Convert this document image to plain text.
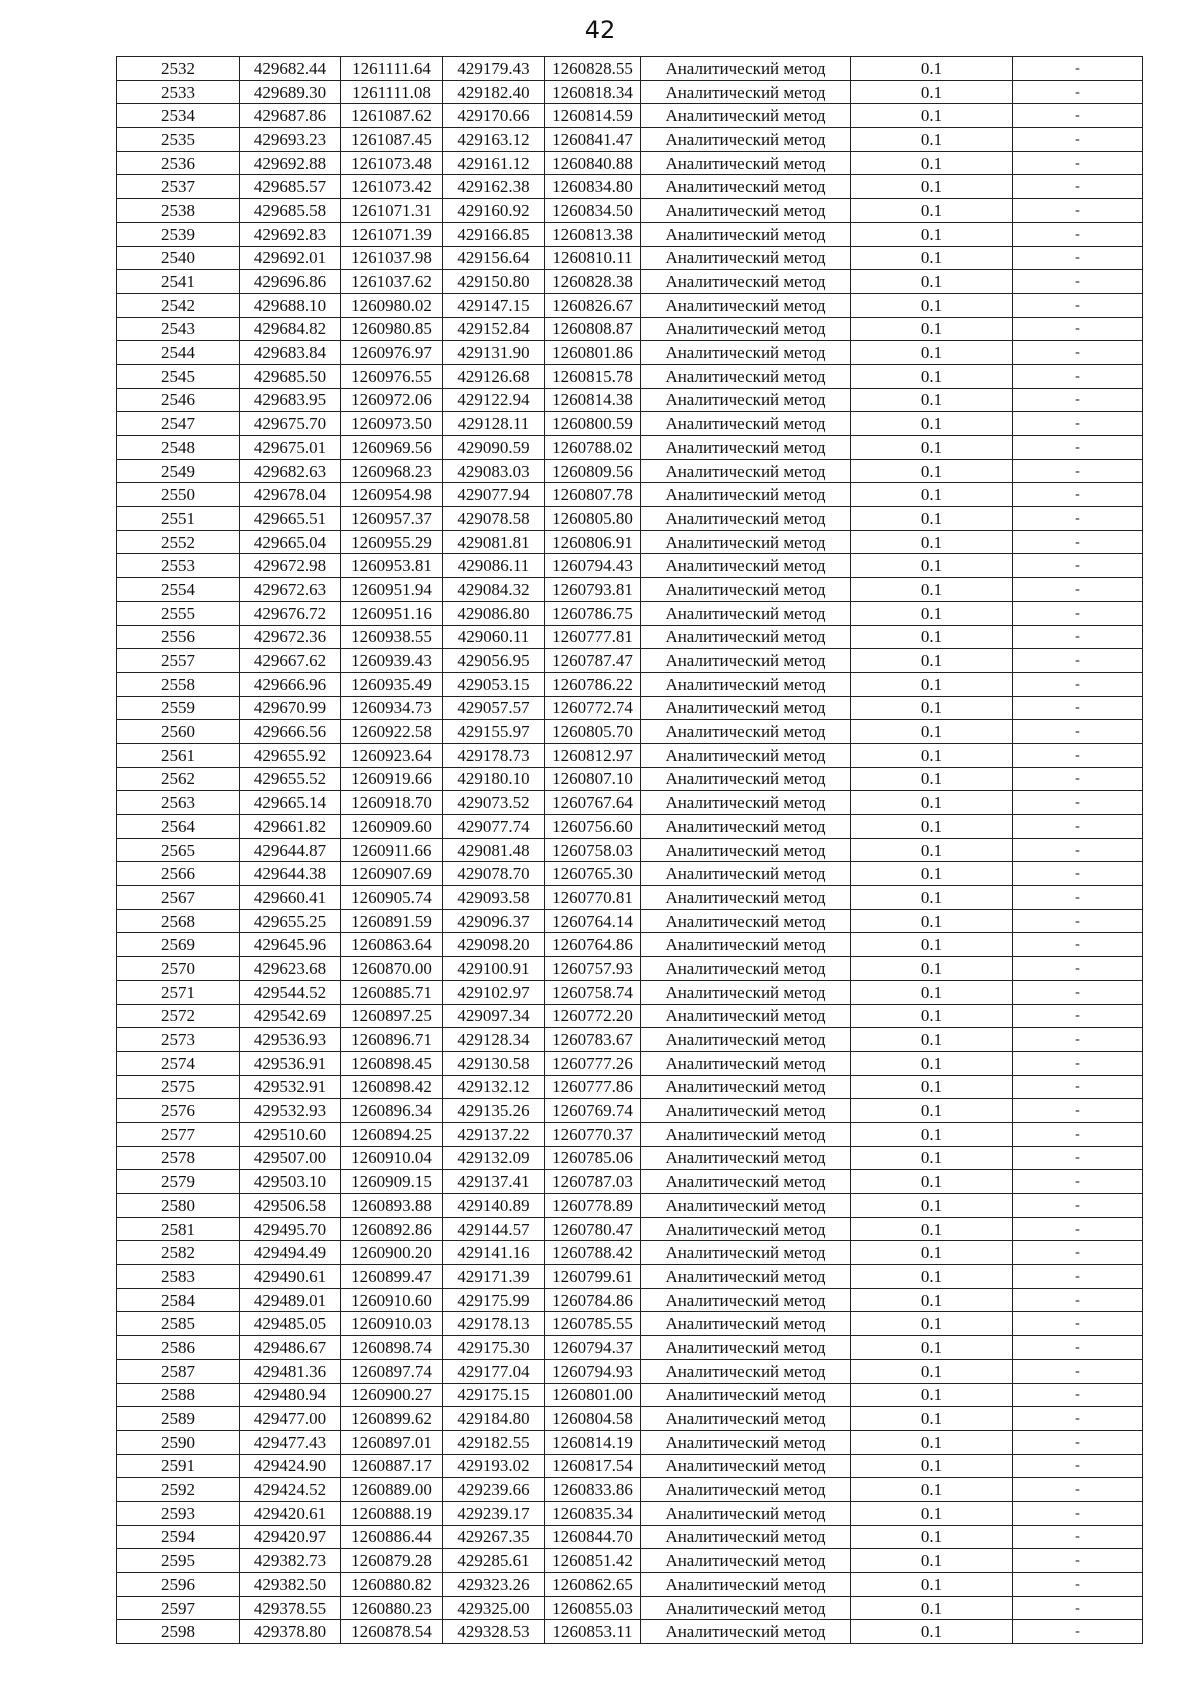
42
2532	429682.44	1261111.64	429179.43	1260828.55	Аналитический метод	0.1	-
2533	429689.30	1261111.08	429182.40	1260818.34	Аналитический метод	0.1	-
2534	429687.86	1261087.62	429170.66	1260814.59	Аналитический метод	0.1	-
2535	429693.23	1261087.45	429163.12	1260841.47	Аналитический метод	0.1	-
2536	429692.88	1261073.48	429161.12	1260840.88	Аналитический метод	0.1	-
2537	429685.57	1261073.42	429162.38	1260834.80	Аналитический метод	0.1	-
2538	429685.58	1261071.31	429160.92	1260834.50	Аналитический метод	0.1	-
2539	429692.83	1261071.39	429166.85	1260813.38	Аналитический метод	0.1	-
2540	429692.01	1261037.98	429156.64	1260810.11	Аналитический метод	0.1	-
2541	429696.86	1261037.62	429150.80	1260828.38	Аналитический метод	0.1	-
2542	429688.10	1260980.02	429147.15	1260826.67	Аналитический метод	0.1	-
2543	429684.82	1260980.85	429152.84	1260808.87	Аналитический метод	0.1	-
2544	429683.84	1260976.97	429131.90	1260801.86	Аналитический метод	0.1	-
2545	429685.50	1260976.55	429126.68	1260815.78	Аналитический метод	0.1	-
2546	429683.95	1260972.06	429122.94	1260814.38	Аналитический метод	0.1	-
2547	429675.70	1260973.50	429128.11	1260800.59	Аналитический метод	0.1	-
2548	429675.01	1260969.56	429090.59	1260788.02	Аналитический метод	0.1	-
2549	429682.63	1260968.23	429083.03	1260809.56	Аналитический метод	0.1	-
2550	429678.04	1260954.98	429077.94	1260807.78	Аналитический метод	0.1	-
2551	429665.51	1260957.37	429078.58	1260805.80	Аналитический метод	0.1	-
2552	429665.04	1260955.29	429081.81	1260806.91	Аналитический метод	0.1	-
2553	429672.98	1260953.81	429086.11	1260794.43	Аналитический метод	0.1	-
2554	429672.63	1260951.94	429084.32	1260793.81	Аналитический метод	0.1	-
2555	429676.72	1260951.16	429086.80	1260786.75	Аналитический метод	0.1	-
2556	429672.36	1260938.55	429060.11	1260777.81	Аналитический метод	0.1	-
2557	429667.62	1260939.43	429056.95	1260787.47	Аналитический метод	0.1	-
2558	429666.96	1260935.49	429053.15	1260786.22	Аналитический метод	0.1	-
2559	429670.99	1260934.73	429057.57	1260772.74	Аналитический метод	0.1	-
2560	429666.56	1260922.58	429155.97	1260805.70	Аналитический метод	0.1	-
2561	429655.92	1260923.64	429178.73	1260812.97	Аналитический метод	0.1	-
2562	429655.52	1260919.66	429180.10	1260807.10	Аналитический метод	0.1	-
2563	429665.14	1260918.70	429073.52	1260767.64	Аналитический метод	0.1	-
2564	429661.82	1260909.60	429077.74	1260756.60	Аналитический метод	0.1	-
2565	429644.87	1260911.66	429081.48	1260758.03	Аналитический метод	0.1	-
2566	429644.38	1260907.69	429078.70	1260765.30	Аналитический метод	0.1	-
2567	429660.41	1260905.74	429093.58	1260770.81	Аналитический метод	0.1	-
2568	429655.25	1260891.59	429096.37	1260764.14	Аналитический метод	0.1	-
2569	429645.96	1260863.64	429098.20	1260764.86	Аналитический метод	0.1	-
2570	429623.68	1260870.00	429100.91	1260757.93	Аналитический метод	0.1	-
2571	429544.52	1260885.71	429102.97	1260758.74	Аналитический метод	0.1	-
2572	429542.69	1260897.25	429097.34	1260772.20	Аналитический метод	0.1	-
2573	429536.93	1260896.71	429128.34	1260783.67	Аналитический метод	0.1	-
2574	429536.91	1260898.45	429130.58	1260777.26	Аналитический метод	0.1	-
2575	429532.91	1260898.42	429132.12	1260777.86	Аналитический метод	0.1	-
2576	429532.93	1260896.34	429135.26	1260769.74	Аналитический метод	0.1	-
2577	429510.60	1260894.25	429137.22	1260770.37	Аналитический метод	0.1	-
2578	429507.00	1260910.04	429132.09	1260785.06	Аналитический метод	0.1	-
2579	429503.10	1260909.15	429137.41	1260787.03	Аналитический метод	0.1	-
2580	429506.58	1260893.88	429140.89	1260778.89	Аналитический метод	0.1	-
2581	429495.70	1260892.86	429144.57	1260780.47	Аналитический метод	0.1	-
2582	429494.49	1260900.20	429141.16	1260788.42	Аналитический метод	0.1	-
2583	429490.61	1260899.47	429171.39	1260799.61	Аналитический метод	0.1	-
2584	429489.01	1260910.60	429175.99	1260784.86	Аналитический метод	0.1	-
2585	429485.05	1260910.03	429178.13	1260785.55	Аналитический метод	0.1	-
2586	429486.67	1260898.74	429175.30	1260794.37	Аналитический метод	0.1	-
2587	429481.36	1260897.74	429177.04	1260794.93	Аналитический метод	0.1	-
2588	429480.94	1260900.27	429175.15	1260801.00	Аналитический метод	0.1	-
2589	429477.00	1260899.62	429184.80	1260804.58	Аналитический метод	0.1	-
2590	429477.43	1260897.01	429182.55	1260814.19	Аналитический метод	0.1	-
2591	429424.90	1260887.17	429193.02	1260817.54	Аналитический метод	0.1	-
2592	429424.52	1260889.00	429239.66	1260833.86	Аналитический метод	0.1	-
2593	429420.61	1260888.19	429239.17	1260835.34	Аналитический метод	0.1	-
2594	429420.97	1260886.44	429267.35	1260844.70	Аналитический метод	0.1	-
2595	429382.73	1260879.28	429285.61	1260851.42	Аналитический метод	0.1	-
2596	429382.50	1260880.82	429323.26	1260862.65	Аналитический метод	0.1	-
2597	429378.55	1260880.23	429325.00	1260855.03	Аналитический метод	0.1	-
2598	429378.80	1260878.54	429328.53	1260853.11	Аналитический метод	0.1	-
